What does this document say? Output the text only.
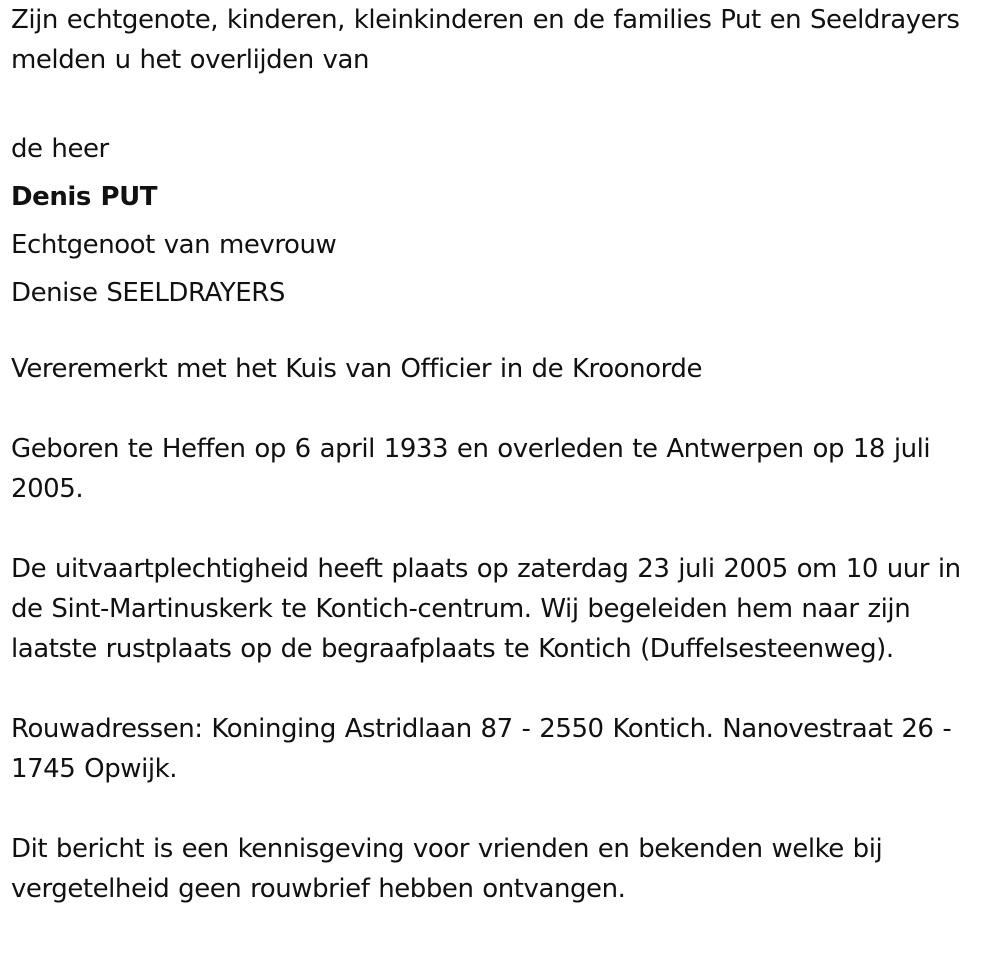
Zijn echtgenote, kinderen, kleinkinderen en de families Put en Seeldrayers melden u het overlijden van

de heer

Denis PUT

Echtgenoot van mevrouw

Denise SEELDRAYERS

Vereremerkt met het Kuis van Officier in de Kroonorde

Geboren te Heffen op 6 april 1933 en overleden te Antwerpen op 18 juli 2005.

De uitvaartplechtigheid heeft plaats op zaterdag 23 juli 2005 om 10 uur in de Sint-Martinuskerk te Kontich-centrum. Wij begeleiden hem naar zijn laatste rustplaats op de begraafplaats te Kontich (Duffelsesteenweg).

Rouwadressen: Koninging Astridlaan 87 - 2550 Kontich. Nanovestraat 26 - 1745 Opwijk.

Dit bericht is een kennisgeving voor vrienden en bekenden welke bij vergetelheid geen rouwbrief hebben ontvangen.
